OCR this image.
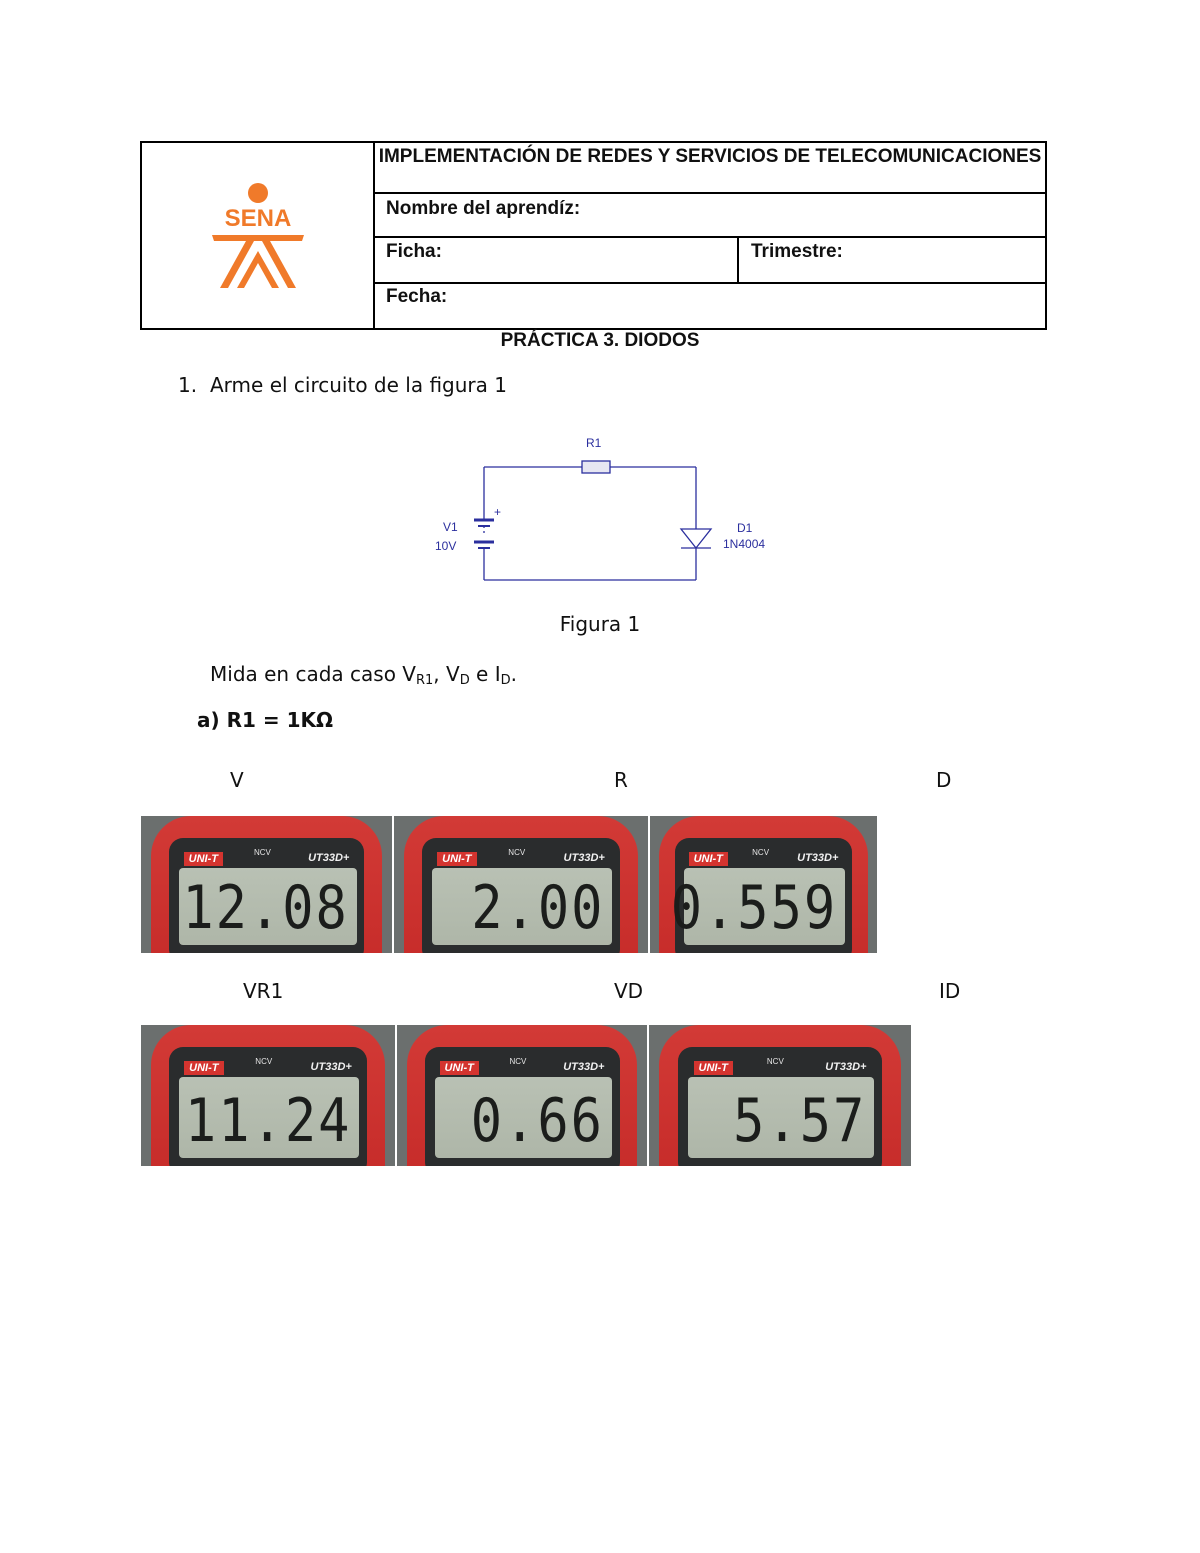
SENA
IMPLEMENTACIÓN DE REDES Y SERVICIOS DE TELECOMUNICACIONES
Nombre del aprendíz:
Ficha:	Trimestre:
Fecha:
PRÁCTICA 3. DIODOS
1. Arme el circuito de la figura 1
R1
+
V1
10V
D1
1N4004
Figura 1
Mida en cada caso $V_{R1}$, $V_D$ e $I_D$.
a) R1 = 1KΩ
V	R	D
UNI-T
NCV	UT33D+
12.08
UNI-T
NCV	UT33D+
2.00
UNI-T
NCV	UT33D+
0.559
VR1	VD	ID
UNI-T
NCV	UT33D+
11.24
UNI-T
NCV	UT33D+
0.66
UNI-T
NCV	UT33D+
5.57
